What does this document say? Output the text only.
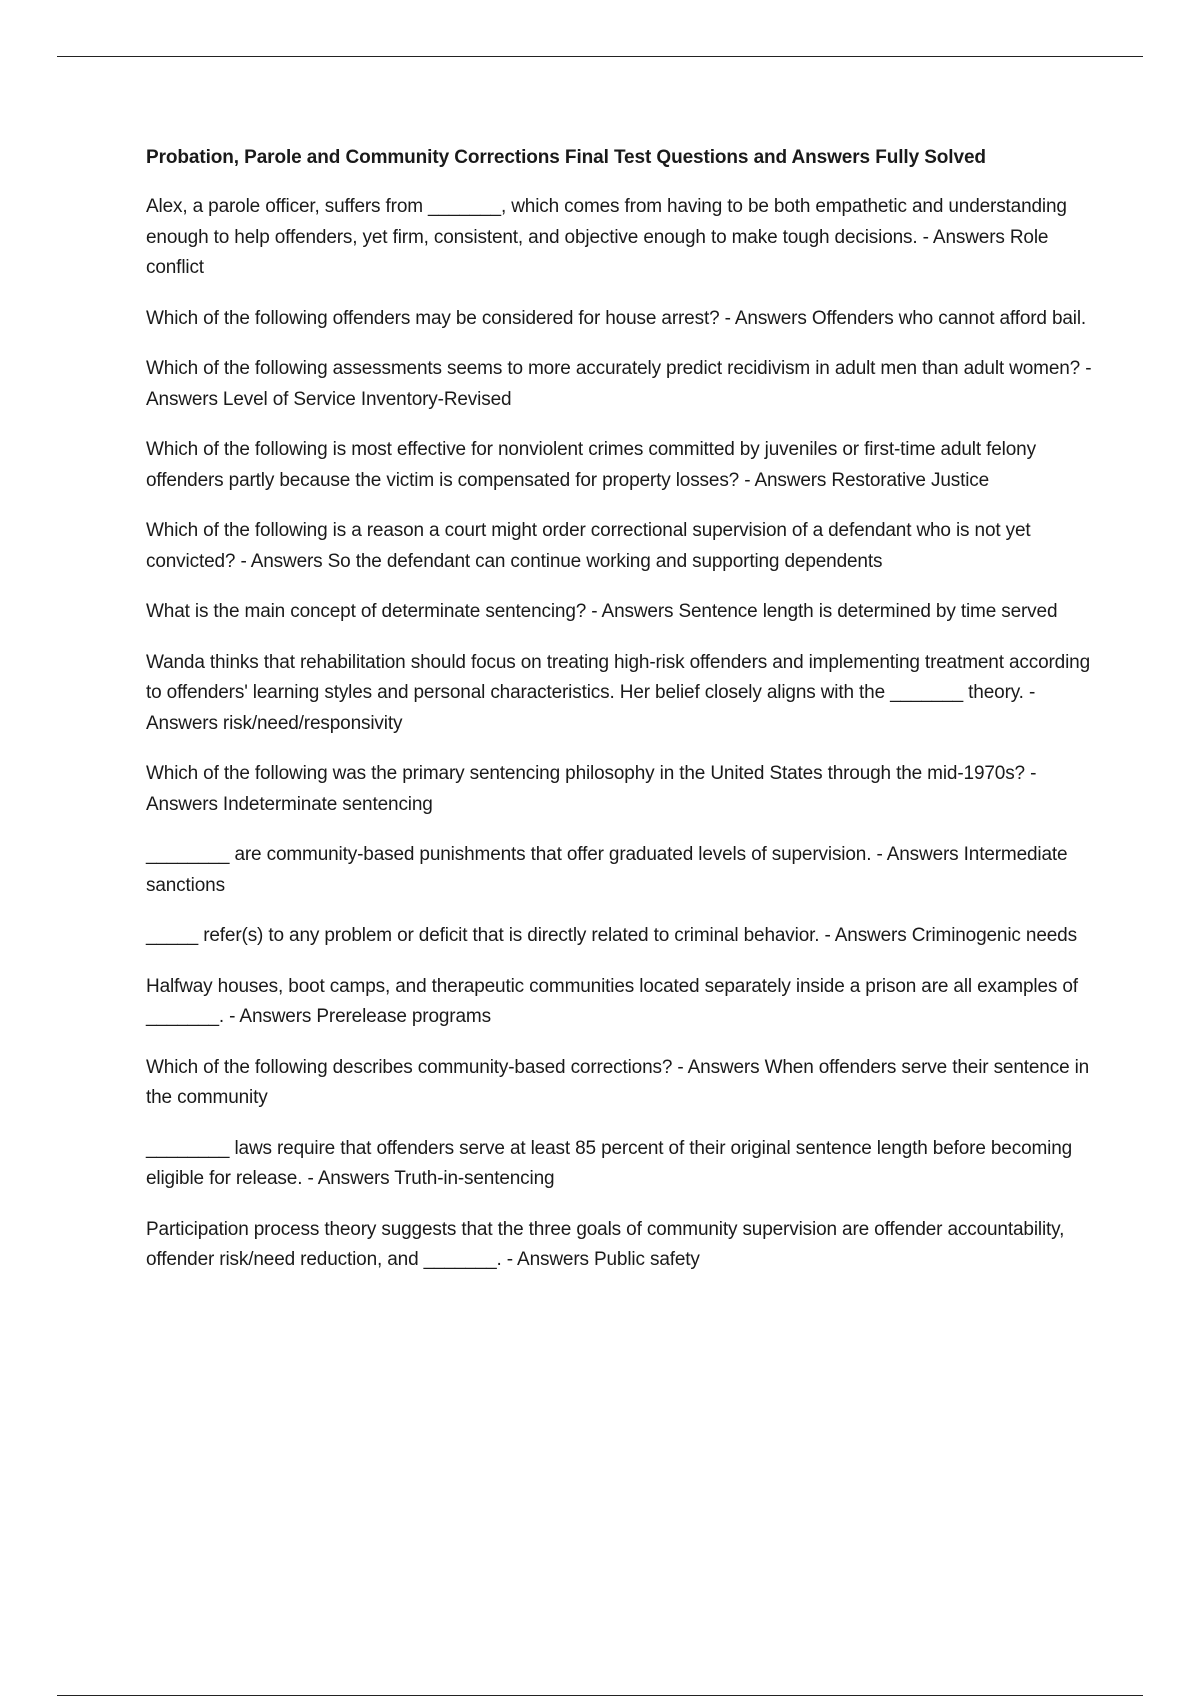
Probation, Parole and Community Corrections Final Test Questions and Answers Fully Solved

Alex, a parole officer, suffers from _______, which comes from having to be both empathetic and understanding enough to help offenders, yet firm, consistent, and objective enough to make tough decisions. - Answers Role conflict

Which of the following offenders may be considered for house arrest? - Answers Offenders who cannot afford bail.

Which of the following assessments seems to more accurately predict recidivism in adult men than adult women? - Answers Level of Service Inventory-Revised

Which of the following is most effective for nonviolent crimes committed by juveniles or first-time adult felony offenders partly because the victim is compensated for property losses? - Answers Restorative Justice

Which of the following is a reason a court might order correctional supervision of a defendant who is not yet convicted? - Answers So the defendant can continue working and supporting dependents

What is the main concept of determinate sentencing? - Answers Sentence length is determined by time served

Wanda thinks that rehabilitation should focus on treating high-risk offenders and implementing treatment according to offenders' learning styles and personal characteristics. Her belief closely aligns with the _______ theory. - Answers risk/need/responsivity

Which of the following was the primary sentencing philosophy in the United States through the mid-1970s? - Answers Indeterminate sentencing

________ are community-based punishments that offer graduated levels of supervision. - Answers Intermediate sanctions

_____ refer(s) to any problem or deficit that is directly related to criminal behavior. - Answers Criminogenic needs

Halfway houses, boot camps, and therapeutic communities located separately inside a prison are all examples of _______. - Answers Prerelease programs

Which of the following describes community-based corrections? - Answers When offenders serve their sentence in the community

________ laws require that offenders serve at least 85 percent of their original sentence length before becoming eligible for release. - Answers Truth-in-sentencing

Participation process theory suggests that the three goals of community supervision are offender accountability, offender risk/need reduction, and _______. - Answers Public safety
